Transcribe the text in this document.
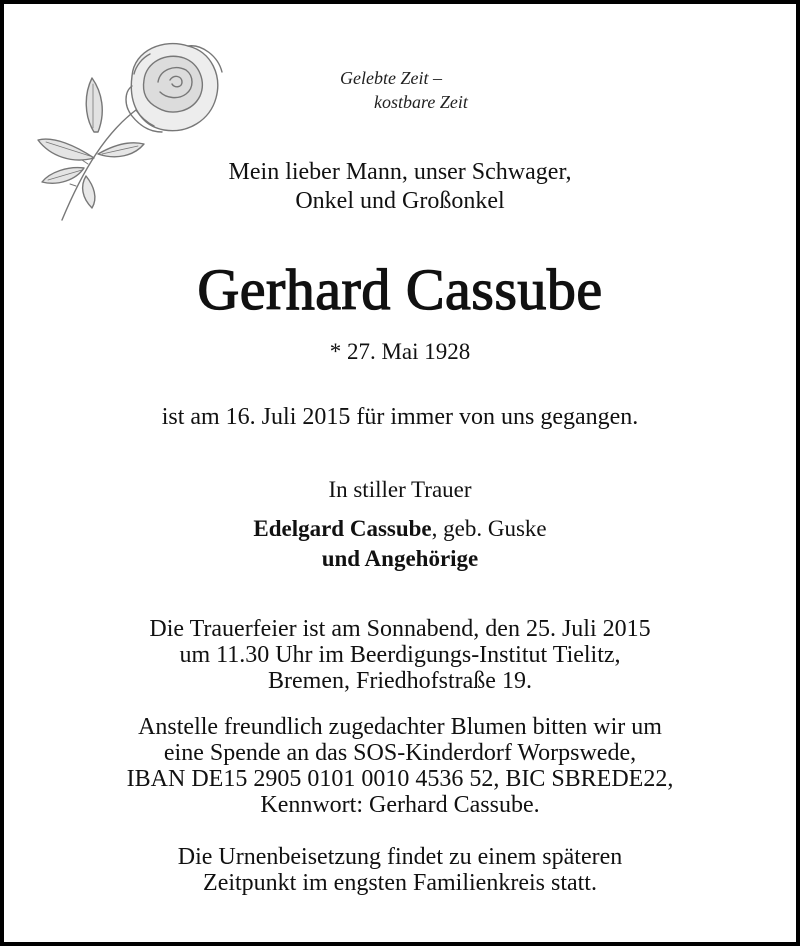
Gelebte Zeit –
kostbare Zeit
Mein lieber Mann, unser Schwager,
Onkel und Großonkel
Gerhard Cassube
* 27. Mai 1928
ist am 16. Juli 2015 für immer von uns gegangen.
In stiller Trauer
Edelgard Cassube, geb. Guske
und Angehörige
Die Trauerfeier ist am Sonnabend, den 25. Juli 2015
um 11.30 Uhr im Beerdigungs-Institut Tielitz,
Bremen, Friedhofstraße 19.
Anstelle freundlich zugedachter Blumen bitten wir um
eine Spende an das SOS-Kinderdorf Worpswede,
IBAN DE15 2905 0101 0010 4536 52, BIC SBREDE22,
Kennwort: Gerhard Cassube.
Die Urnenbeisetzung findet zu einem späteren
Zeitpunkt im engsten Familienkreis statt.
